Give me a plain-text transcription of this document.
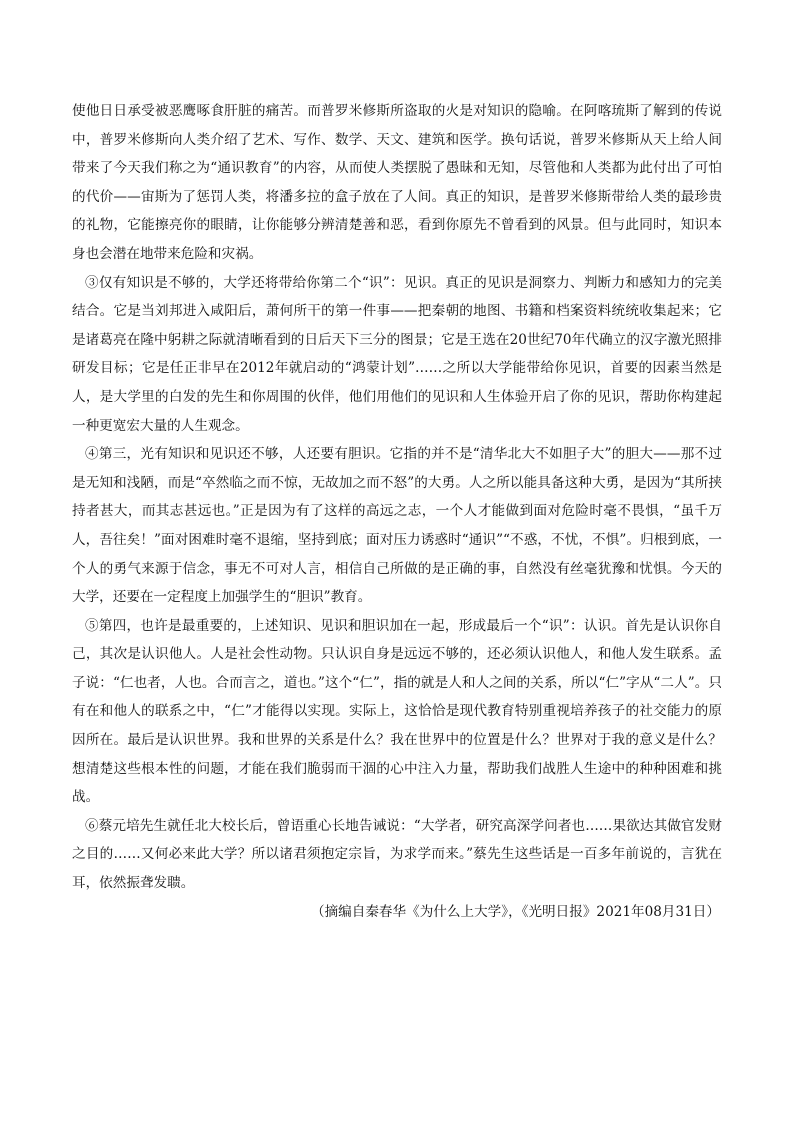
使他日日承受被恶鹰啄食肝脏的痛苦。而普罗米修斯所盗取的火是对知识的隐喻。在阿喀琉斯了解到的传说中，普罗米修斯向人类介绍了艺术、写作、数学、天文、建筑和医学。换句话说，普罗米修斯从天上给人间带来了今天我们称之为“通识教育”的内容，从而使人类摆脱了愚昧和无知，尽管他和人类都为此付出了可怕的代价——宙斯为了惩罚人类，将潘多拉的盒子放在了人间。真正的知识，是普罗米修斯带给人类的最珍贵的礼物，它能擦亮你的眼睛，让你能够分辨清楚善和恶，看到你原先不曾看到的风景。但与此同时，知识本身也会潜在地带来危险和灾祸。

③仅有知识是不够的，大学还将带给你第二个“识”：见识。真正的见识是洞察力、判断力和感知力的完美结合。它是当刘邦进入咸阳后，萧何所干的第一件事——把秦朝的地图、书籍和档案资料统统收集起来；它是诸葛亮在隆中躬耕之际就清晰看到的日后天下三分的图景；它是王选在20世纪70年代确立的汉字激光照排研发目标；它是任正非早在2012年就启动的“鸿蒙计划”……之所以大学能带给你见识，首要的因素当然是人，是大学里的白发的先生和你周围的伙伴，他们用他们的见识和人生体验开启了你的见识，帮助你构建起一种更宽宏大量的人生观念。

④第三，光有知识和见识还不够，人还要有胆识。它指的并不是“清华北大不如胆子大”的胆大——那不过是无知和浅陋，而是“卒然临之而不惊，无故加之而不怒”的大勇。人之所以能具备这种大勇，是因为“其所挟持者甚大，而其志甚远也。”正是因为有了这样的高远之志，一个人才能做到面对危险时毫不畏惧，“虽千万人，吾往矣！”面对困难时毫不退缩，坚持到底；面对压力诱惑时“通识”“不惑，不忧，不惧”。归根到底，一个人的勇气来源于信念，事无不可对人言，相信自己所做的是正确的事，自然没有丝毫犹豫和忧惧。今天的大学，还要在一定程度上加强学生的“胆识”教育。

⑤第四，也许是最重要的，上述知识、见识和胆识加在一起，形成最后一个“识”：认识。首先是认识你自己，其次是认识他人。人是社会性动物。只认识自身是远远不够的，还必须认识他人，和他人发生联系。孟子说：“仁也者，人也。合而言之，道也。”这个“仁”，指的就是人和人之间的关系，所以“仁”字从“二人”。只有在和他人的联系之中，“仁”才能得以实现。实际上，这恰恰是现代教育特别重视培养孩子的社交能力的原因所在。最后是认识世界。我和世界的关系是什么？我在世界中的位置是什么？世界对于我的意义是什么？想清楚这些根本性的问题，才能在我们脆弱而干涸的心中注入力量，帮助我们战胜人生途中的种种困难和挑战。

⑥蔡元培先生就任北大校长后，曾语重心长地告诫说：“大学者，研究高深学问者也……果欲达其做官发财之目的……又何必来此大学？所以诸君须抱定宗旨，为求学而来。”蔡先生这些话是一百多年前说的，言犹在耳，依然振聋发聩。

（摘编自秦春华《为什么上大学》，《光明日报》2021年08月31日）
